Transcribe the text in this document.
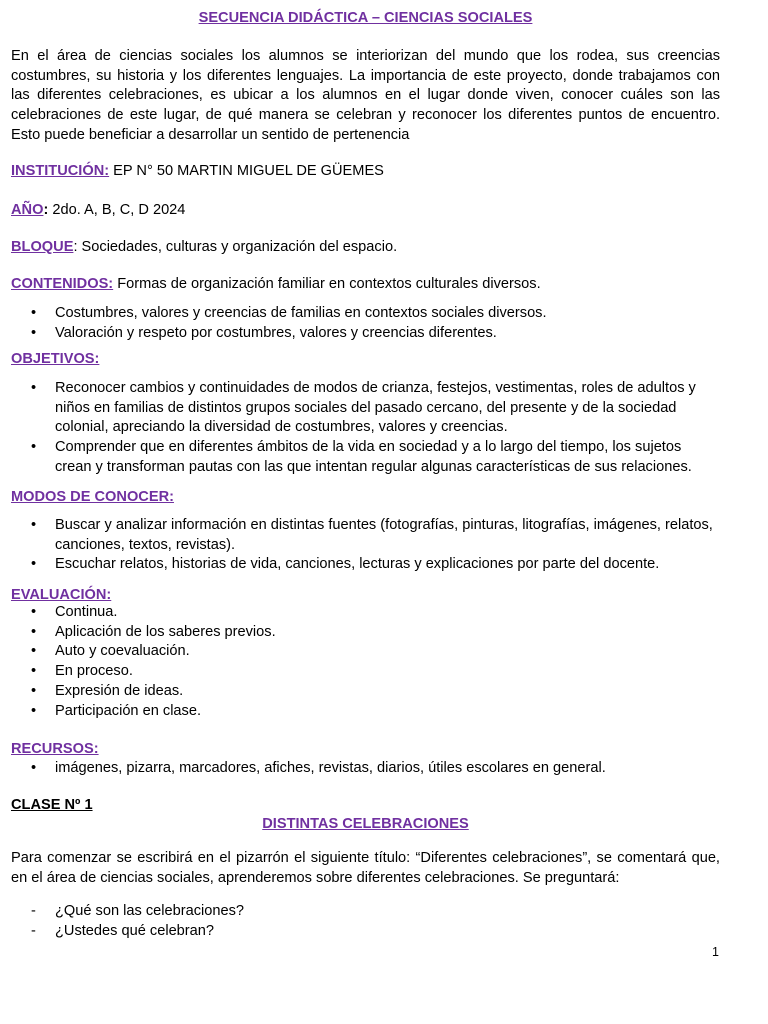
SECUENCIA DIDÁCTICA – CIENCIAS SOCIALES

En el área de ciencias sociales los alumnos se interiorizan del mundo que los rodea, sus creencias costumbres, su historia y los diferentes lenguajes. La importancia de este proyecto, donde trabajamos con las diferentes celebraciones, es ubicar a los alumnos en el lugar donde viven, conocer cuáles son las celebraciones de este lugar, de qué manera se celebran y reconocer los diferentes puntos de encuentro. Esto puede beneficiar a desarrollar un sentido de pertenencia

INSTITUCIÓN: EP N° 50 MARTIN MIGUEL DE GÜEMES
AÑO: 2do. A, B, C, D 2024
BLOQUE: Sociedades, culturas y organización del espacio.
CONTENIDOS: Formas de organización familiar en contextos culturales diversos.
• Costumbres, valores y creencias de familias en contextos sociales diversos.
• Valoración y respeto por costumbres, valores y creencias diferentes.
OBJETIVOS:
• Reconocer cambios y continuidades de modos de crianza, festejos, vestimentas, roles de adultos y niños en familias de distintos grupos sociales del pasado cercano, del presente y de la sociedad colonial, apreciando la diversidad de costumbres, valores y creencias.
• Comprender que en diferentes ámbitos de la vida en sociedad y a lo largo del tiempo, los sujetos crean y transforman pautas con las que intentan regular algunas características de sus relaciones.
MODOS DE CONOCER:
• Buscar y analizar información en distintas fuentes (fotografías, pinturas, litografías, imágenes, relatos, canciones, textos, revistas).
• Escuchar relatos, historias de vida, canciones, lecturas y explicaciones por parte del docente.
EVALUACIÓN:
• Continua.
• Aplicación de los saberes previos.
• Auto y coevaluación.
• En proceso.
• Expresión de ideas.
• Participación en clase.
RECURSOS:
• imágenes, pizarra, marcadores, afiches, revistas, diarios, útiles escolares en general.
CLASE Nº 1
DISTINTAS CELEBRACIONES

Para comenzar se escribirá en el pizarrón el siguiente título: “Diferentes celebraciones”, se comentará que, en el área de ciencias sociales, aprenderemos sobre diferentes celebraciones. Se preguntará:

- ¿Qué son las celebraciones?
- ¿Ustedes qué celebran?
1
